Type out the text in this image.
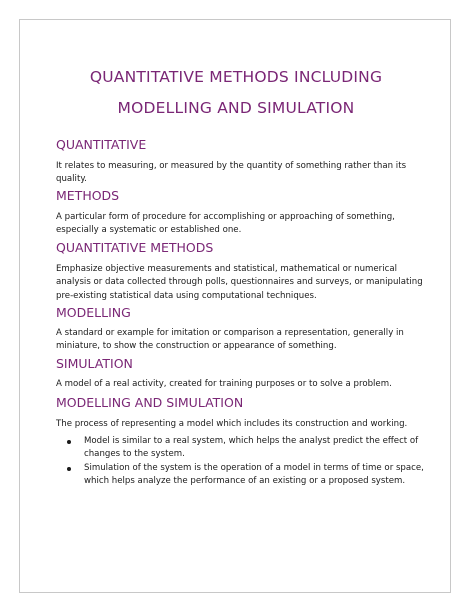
QUANTITATIVE METHODS INCLUDING
MODELLING AND SIMULATION
QUANTITATIVE

It relates to measuring, or measured by the quantity of something rather than its quality.

METHODS

A particular form of procedure for accomplishing or approaching of something, especially a systematic or established one.

QUANTITATIVE METHODS

Emphasize objective measurements and statistical, mathematical or numerical analysis or data collected through polls, questionnaires and surveys, or manipulating pre-existing statistical data using computational techniques.

MODELLING

A standard or example for imitation or comparison a representation, generally in miniature, to show the construction or appearance of something.

SIMULATION

A model of a real activity, created for training purposes or to solve a problem.

MODELLING AND SIMULATION

The process of representing a model which includes its construction and working.

Model is similar to a real system, which helps the analyst predict the effect of changes to the system.
Simulation of the system is the operation of a model in terms of time or space, which helps analyze the performance of an existing or a proposed system.
